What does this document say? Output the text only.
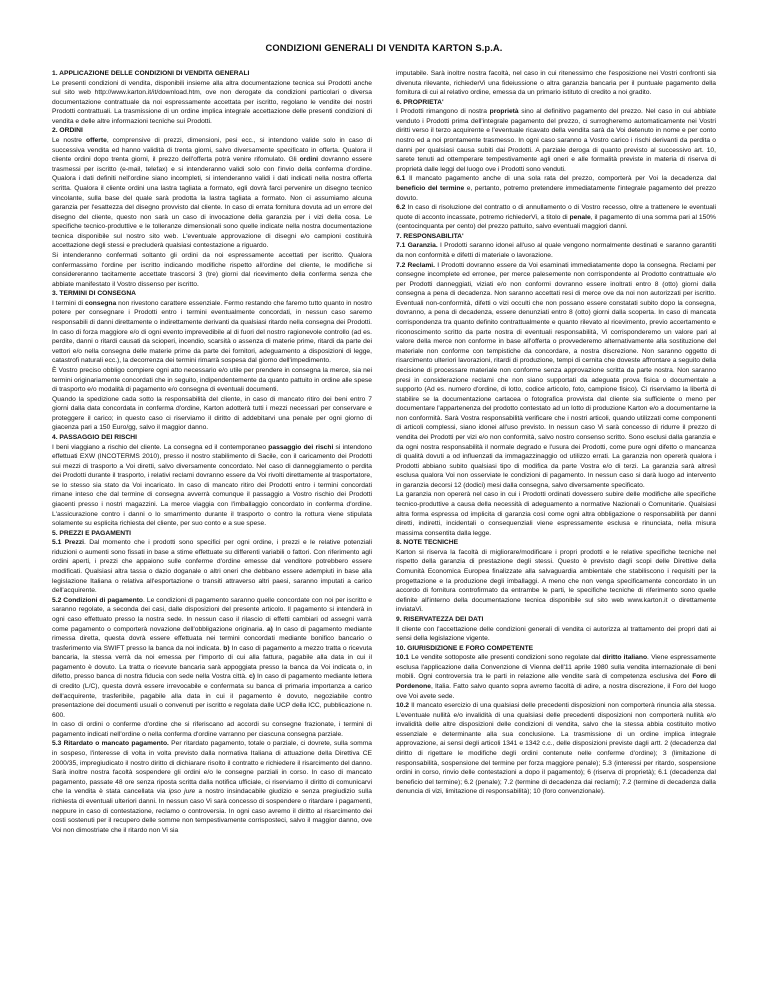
CONDIZIONI GENERALI DI VENDITA KARTON S.p.A.
1. APPLICAZIONE DELLE CONDIZIONI DI VENDITA GENERALI

Le presenti condizioni di vendita, disponibili insieme alla altra documentazione tecnica sui Prodotti anche sul sito web http://www.karton.it/it/download.htm, ove non derogate da condizioni particolari o diversa documentazione contrattuale da noi espressamente accettata per iscritto, regolano le vendite dei nostri Prodotti contrattuali. La trasmissione di un ordine implica integrale accettazione delle presenti condizioni di vendita e delle altre informazioni tecniche sui Prodotti.

2. ORDINI

Le nostre offerte, comprensive di prezzi, dimensioni, pesi ecc., si intendono valide solo in caso di successiva vendita ed hanno validità di trenta giorni, salvo diversamente specificato in offerta. Qualora il cliente ordini dopo trenta giorni, il prezzo dell'offerta potrà venire rifomulato. Gli ordini dovranno essere trasmessi per iscritto (e-mail, telefax) e si intenderanno validi solo con l'invio della conferma d'ordine. Qualora i dati definiti nell'ordine siano incompleti, si intenderanno validi i dati indicati nella nostra offerta scritta. Qualora il cliente ordini una lastra tagliata a formato, egli dovrà farci pervenire un disegno tecnico vincolante, sulla base del quale sarà prodotta la lastra tagliata a formato. Non ci assumiamo alcuna garanzia per l'esattezza del disegno provvisto dal cliente. In caso di errata fornitura dovuta ad un errore del disegno del cliente, questo non sarà un caso di invocazione della garanzia per i vizi della cosa. Le specifiche tecnico-produttive e le tolleranze dimensionali sono quelle indicate nella nostra documentazione tecnica disponibile sul nostro sito web. L'eventuale approvazione di disegni e/o campioni costituirà accettazione degli stessi e precluderà qualsiasi contestazione a riguardo.

Si intenderanno confermati soltanto gli ordini da noi espressamente accettati per iscritto. Qualora confermassimo l'ordine per iscritto indicando modifiche rispetto all'ordine del cliente, le modifiche si considereranno tacitamente accettate trascorsi 3 (tre) giorni dal ricevimento della conferma senza che abbiate manifestato il Vostro dissenso per iscritto.

3. TERMINI DI CONSEGNA

I termini di consegna non rivestono carattere essenziale. Fermo restando che faremo tutto quanto in nostro potere per consegnare i Prodotti entro i termini eventualmente concordati, in nessun caso saremo responsabili di danni direttamente o indirettamente derivanti da qualsiasi ritardo nella consegna dei Prodotti. In caso di forza maggiore e/o di ogni evento imprevedibile al di fuori del nostro ragionevole controllo (ad es. perdite, danni o ritardi causati da scioperi, incendio, scarsità o assenza di materie prime, ritardi da parte dei vettori e/o nella consegna delle materie prime da parte dei fornitori, adeguamento a disposizioni di legge, catastrofi naturali ecc.), la decorrenza dei termini rimarrà sospesa dal giorno dell'impedimento.

È Vostro preciso obbligo compiere ogni atto necessario e/o utile per prendere in consegna la merce, sia nei termini originariamente concordati che in seguito, indipendentemente da quanto pattuito in ordine alle spese di trasporto e/o modalità di pagamento e/o consegna di eventuali documenti.

Quando la spedizione cada sotto la responsabilità del cliente, in caso di mancato ritiro dei beni entro 7 giorni dalla data concordata in conferma d'ordine, Karton adotterà tutti i mezzi necessari per conservare e proteggere il carico; in questo caso ci riserviamo il diritto di addebitarvi una penale per ogni giorno di giacenza pari a 150 Euro/gg, salvo il maggior danno.

4. PASSAGGIO DEI RISCHI

I beni viaggiano a rischio del cliente. La consegna ed il contemporaneo passaggio dei rischi si intendono effettuati EXW (INCOTERMS 2010), presso il nostro stabilimento di Sacile, con il caricamento dei Prodotti sui mezzi di trasporto a Voi diretti, salvo diversamente concordato. Nel caso di danneggiamento o perdita dei Prodotti durante il trasporto, i relativi reclami dovranno essere da Voi rivolti direttamente al trasportatore, se lo stesso sia stato da Voi incaricato. In caso di mancato ritiro dei Prodotti entro i termini concordati rimane inteso che dal termine di consegna avverrà comunque il passaggio a Vostro rischio dei Prodotti giacenti presso i nostri magazzini. La merce viaggia con l'imballaggio concordato in conferma d'ordine. L'assicurazione contro i danni o lo smarrimento durante il trasporto o contro la rottura viene stipulata solamente su esplicita richiesta del cliente, per suo conto e a sue spese.

5. PREZZI E PAGAMENTI

5.1 Prezzi. Dal momento che i prodotti sono specifici per ogni ordine, i prezzi e le relative potenziali riduzioni o aumenti sono fissati in base a stime effettuate su differenti variabili o fattori. Con riferimento agli ordini aperti, i prezzi che appaiono sulle conferme d'ordine emesse dal venditore potrebbero essere modificati. Qualsiasi altra tassa o dazio doganale o altri oneri che debbano essere adempiuti in base alla legislazione Italiana o relativa all'esportazione o transiti attraverso altri paesi, saranno imputati a carico dell'acquirente.

5.2 Condizioni di pagamento. Le condizioni di pagamento saranno quelle concordate con noi per iscritto e saranno regolate, a seconda dei casi, dalle disposizioni del presente articolo. Il pagamento si intenderà in ogni caso effettuato presso la nostra sede. In nessun caso il rilascio di effetti cambiari od assegni varrà come pagamento o comporterà novazione dell'obbligazione originaria. a) In caso di pagamento mediante rimessa diretta, questa dovrà essere effettuata nei termini concordati mediante bonifico bancario o trasferimento via SWIFT presso la banca da noi indicata. b) In caso di pagamento a mezzo tratta o ricevuta bancaria, la stessa verrà da noi emessa per l'importo di cui alla fattura, pagabile alla data in cui il pagamento è dovuto. La tratta o ricevute bancaria sarà appoggiata presso la banca da Voi indicata o, in difetto, presso banca di nostra fiducia con sede nella Vostra città. c) In caso di pagamento mediante lettera di credito (L/C), questa dovrà essere irrevocabile e confermata su banca di primaria importanza a carico dell'acquirente, trasferibile, pagabile alla data in cui il pagamento è dovuto, negoziabile contro presentazione dei documenti usuali o convenuti per iscritto e regolata dalle UCP della ICC, pubblicazione n. 600.

In caso di ordini o conferme d'ordine che si riferiscano ad accordi su consegne frazionate, i termini di pagamento indicati nell'ordine o nella conferma d'ordine varranno per ciascuna consegna parziale.

5.3 Ritardato o mancato pagamento. Per ritardato pagamento, totale o parziale, ci dovrete, sulla somma in sospeso, l'interesse di volta in volta previsto dalla normativa Italiana di attuazione della Direttiva CE 2000/35, impregiudicato il nostro diritto di dichiarare risolto il contratto e richiedere il risarcimento del danno. Sarà inoltre nostra facoltà sospendere gli ordini e/o le consegne parziali in corso. In caso di mancato pagamento, passate 48 ore senza riposta scritta dalla notifica ufficiale, ci riserviamo il diritto di comunicarvi che la vendita è stata cancellata via ipso jure a nostro insindacabile giudizio e senza pregiudizio sulla richiesta di eventuali ulteriori danni. In nessun caso Vi sarà concesso di sospendere o ritardare i pagamenti, neppure in caso di contestazione, reclamo o controversia. In ogni caso avremo il diritto al risarcimento dei costi sostenuti per il recupero delle somme non tempestivamente corrisposteci, salvo il maggior danno, ove Voi non dimostriate che il ritardo non Vi sia

imputabile. Sarà inoltre nostra facoltà, nel caso in cui ritenessimo che l'esposizione nei Vostri confronti sia divenuta rilevante, richiederVi una fideiussione o altra garanzia bancaria per il puntuale pagamento della fornitura di cui al relativo ordine, emessa da un primario istituto di credito a noi gradito.

6. PROPRIETA'

I Prodotti rimangono di nostra proprietà sino al definitivo pagamento del prezzo. Nel caso in cui abbiate venduto i Prodotti prima dell'integrale pagamento del prezzo, ci surrogheremo automaticamente nei Vostri diritti verso il terzo acquirente e l'eventuale ricavato della vendita sarà da Voi detenuto in nome e per conto nostro ed a noi prontamente trasmesso. In ogni caso saranno a Vostro carico i rischi derivanti da perdita o danni per qualsiasi causa subiti dai Prodotti. A parziale deroga di quanto previsto al successivo art. 10, sarete tenuti ad ottemperare tempestivamente agli oneri e alle formalità previste in materia di riserva di proprietà dalle leggi del luogo ove i Prodotti sono venduti.

6.1 Il mancato pagamento anche di una sola rata del prezzo, comporterà per Voi la decadenza dal beneficio del termine e, pertanto, potremo pretendere immediatamente l'integrale pagamento del prezzo dovuto.

6.2 In caso di risoluzione del contratto o di annullamento o di Vostro recesso, oltre a trattenere le eventuali quote di acconto incassate, potremo richiederVi, a titolo di penale, il pagamento di una somma pari al 150% (centocinquanta per cento) del prezzo pattuito, salvo eventuali maggiori danni.

7. RESPONSABILITA'

7.1 Garanzia. I Prodotti saranno idonei all'uso al quale vengono normalmente destinati e saranno garantiti da non conformità e difetti di materiale o lavorazione.

7.2 Reclami. I Prodotti dovranno essere da Voi esaminati immediatamente dopo la consegna. Reclami per consegne incomplete ed erronee, per merce palesemente non corrispondente al Prodotto contrattuale e/o per Prodotti danneggiati, viziati e/o non conformi dovranno essere inoltrati entro 8 (otto) giorni dalla consegna a pena di decadenza. Non saranno accettati resi di merce ove da noi non autorizzati per iscritto. Eventuali non-conformità, difetti o vizi occulti che non possano essere constatati subito dopo la consegna, dovranno, a pena di decadenza, essere denunziati entro 8 (otto) giorni dalla scoperta. In caso di mancata corrispondenza tra quanto definito contrattualmente e quanto rilevato al ricevimento, previo accertamento e riconoscimento scritto da parte nostra di eventuali responsabilità, Vi corrisponderemo un valore pari al valore della merce non conforme in base all'offerta o provvederemo alternativamente alla sostituzione del materiale non conforme con tempistiche da concordare, a nostra discrezione. Non saranno oggetto di risarcimento ulteriori lavorazioni, ritardi di produzione, tempi di cernita che doveste affrontare a seguito della decisione di processare materiale non conforme senza approvazione scritta da parte nostra. Non saranno presi in considerazione reclami che non siano supportati da adeguata prova fisica o documentale a supporto (Ad es. numero d'ordine, di lotto, codice articolo, foto, campione fisico). Ci riserviamo la libertà di stabilire se la documentazione cartacea o fotografica provvista dal cliente sia sufficiente o meno per documentare l'appartenenza del prodotto contestato ad un lotto di produzione Karton e/o a documentarne la non conformità. Sarà Vostra responsabilità verificare che i nostri articoli, quando utilizzati come componenti di articoli complessi, siano idonei all'uso previsto. In nessun caso Vi sarà concesso di ridurre il prezzo di vendita dei Prodotti per vizi e/o non conformità, salvo nostro consenso scritto. Sono esclusi dalla garanzia e da ogni nostra responsabilità il normale degrado e l'usura dei Prodotti, come pure ogni difetto o mancanza di qualità dovuti a od influenzati da immagazzinaggio od utilizzo errati. La garanzia non opererà qualora i Prodotti abbiano subito qualsiasi tipo di modifica da parte Vostra e/o di terzi. La garanzia sarà altresì esclusa qualora Voi non osserviate le condizioni di pagamento. In nessun caso si darà luogo ad intervento in garanzia decorsi 12 (dodici) mesi dalla consegna, salvo diversamente specificato.

La garanzia non opererà nel caso in cui i Prodotti ordinati dovessero subire delle modifiche alle specifiche tecnico-produttive a causa della necessità di adeguamento a normative Nazionali o Comunitarie. Qualsiasi altra forma espressa od implicita di garanzia così come ogni altra obbligazione o responsabilità per danni diretti, indiretti, incidentali o consequenziali viene espressamente esclusa e rinunciata, nella misura massima consentita dalla legge.

8. NOTE TECNICHE

Karton si riserva la facoltà di migliorare/modificare i propri prodotti e le relative specifiche tecniche nel rispetto della garanzia di prestazione degli stessi. Questo è previsto dagli scopi delle Direttive della Comunità Economica Europea finalizzate alla salvaguardia ambientale che stabiliscono i requisiti per la progettazione e la produzione degli imballaggi. A meno che non venga specificamente concordato in un accordo di fornitura controfirmato da entrambe le parti, le specifiche tecniche di riferimento sono quelle definite all'interno della documentazione tecnica disponibile sul sito web www.karton.it o direttamente inviataVi.

9. RISERVATEZZA DEI DATI

Il cliente con l'accettazione delle condizioni generali di vendita ci autorizza al trattamento dei propri dati ai sensi della legislazione vigente.

10. GIURISDIZIONE E FORO COMPETENTE

10.1 Le vendite sottoposte alle presenti condizioni sono regolate dal diritto italiano. Viene espressamente esclusa l'applicazione dalla Convenzione di Vienna dell'11 aprile 1980 sulla vendita internazionale di beni mobili. Ogni controversia tra le parti in relazione alle vendite sarà di competenza esclusiva del Foro di Pordenone, Italia. Fatto salvo quanto sopra avremo facoltà di adire, a nostra discrezione, il Foro del luogo ove Voi avete sede.

10.2 Il mancato esercizio di una qualsiasi delle precedenti disposizioni non comporterà rinuncia alla stessa. L'eventuale nullità e/o invalidità di una qualsiasi delle precedenti disposizioni non comporterà nullità e/o invalidità delle altre disposizioni delle condizioni di vendita, salvo che la stessa abbia costituito motivo essenziale e determinante alla sua conclusione. La trasmissione di un ordine implica integrale approvazione, ai sensi degli articoli 1341 e 1342 c.c., delle disposizioni previste dagli artt. 2 (decadenza dal diritto di rigettare le modifiche degli ordini contenute nelle conferme d'ordine); 3 (limitazione di responsabilità, sospensione del termine per forza maggiore penale); 5.3 (interessi per ritardo, sospensione ordini in corso, rinvio delle contestazioni a dopo il pagamento); 6 (riserva di proprietà); 6.1 (decadenza dal beneficio del termine); 6.2 (penale); 7.2 (termine di decadenza dai reclami); 7.2 (termine di decadenza dalla denuncia di vizi, limitazione di responsabilità); 10 (foro convenzionale).
